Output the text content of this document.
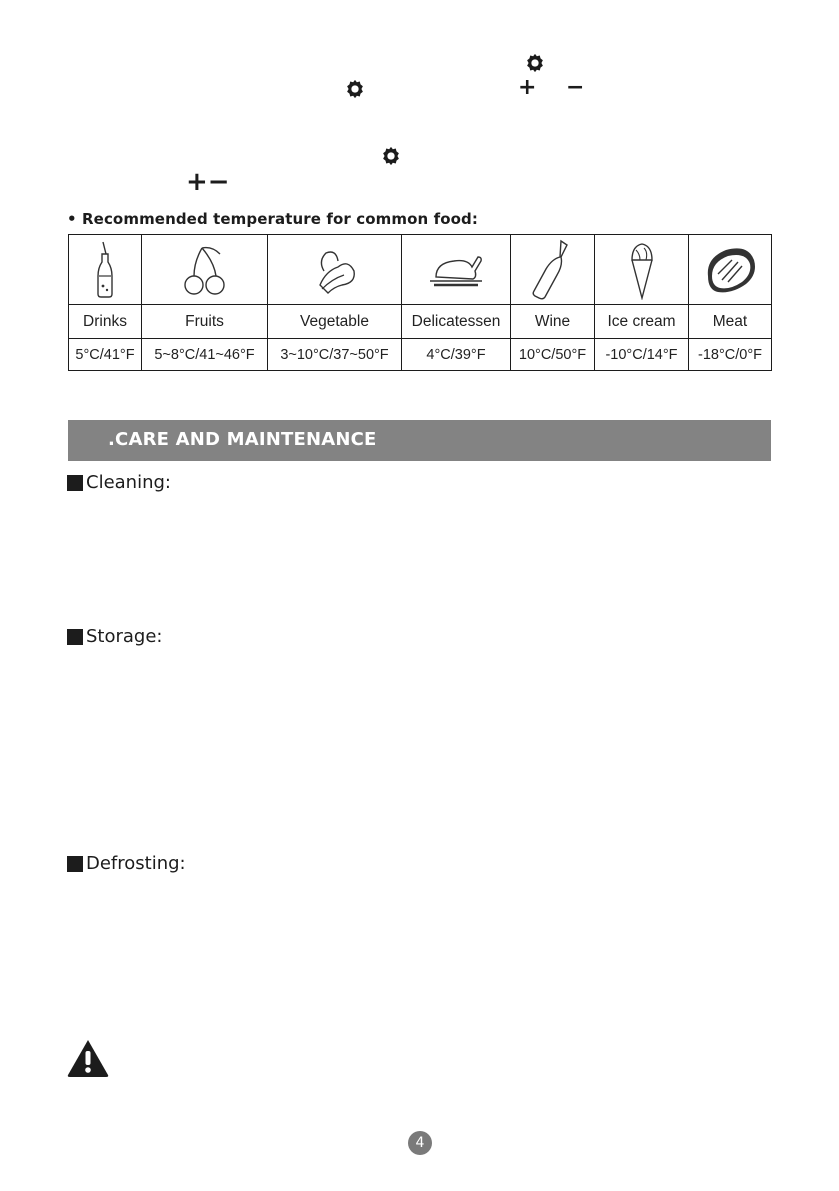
+ −
+−
• Recommended temperature for common food:

Drinks	Fruits	Vegetable	Delicatessen	Wine	Ice cream	Meat
5°C/41°F	5~8°C/41~46°F	3~10°C/37~50°F	4°C/39°F	10°C/50°F	-10°C/14°F	-18°C/0°F
.CARE AND MAINTENANCE
Cleaning:
Storage:
Defrosting:
4
